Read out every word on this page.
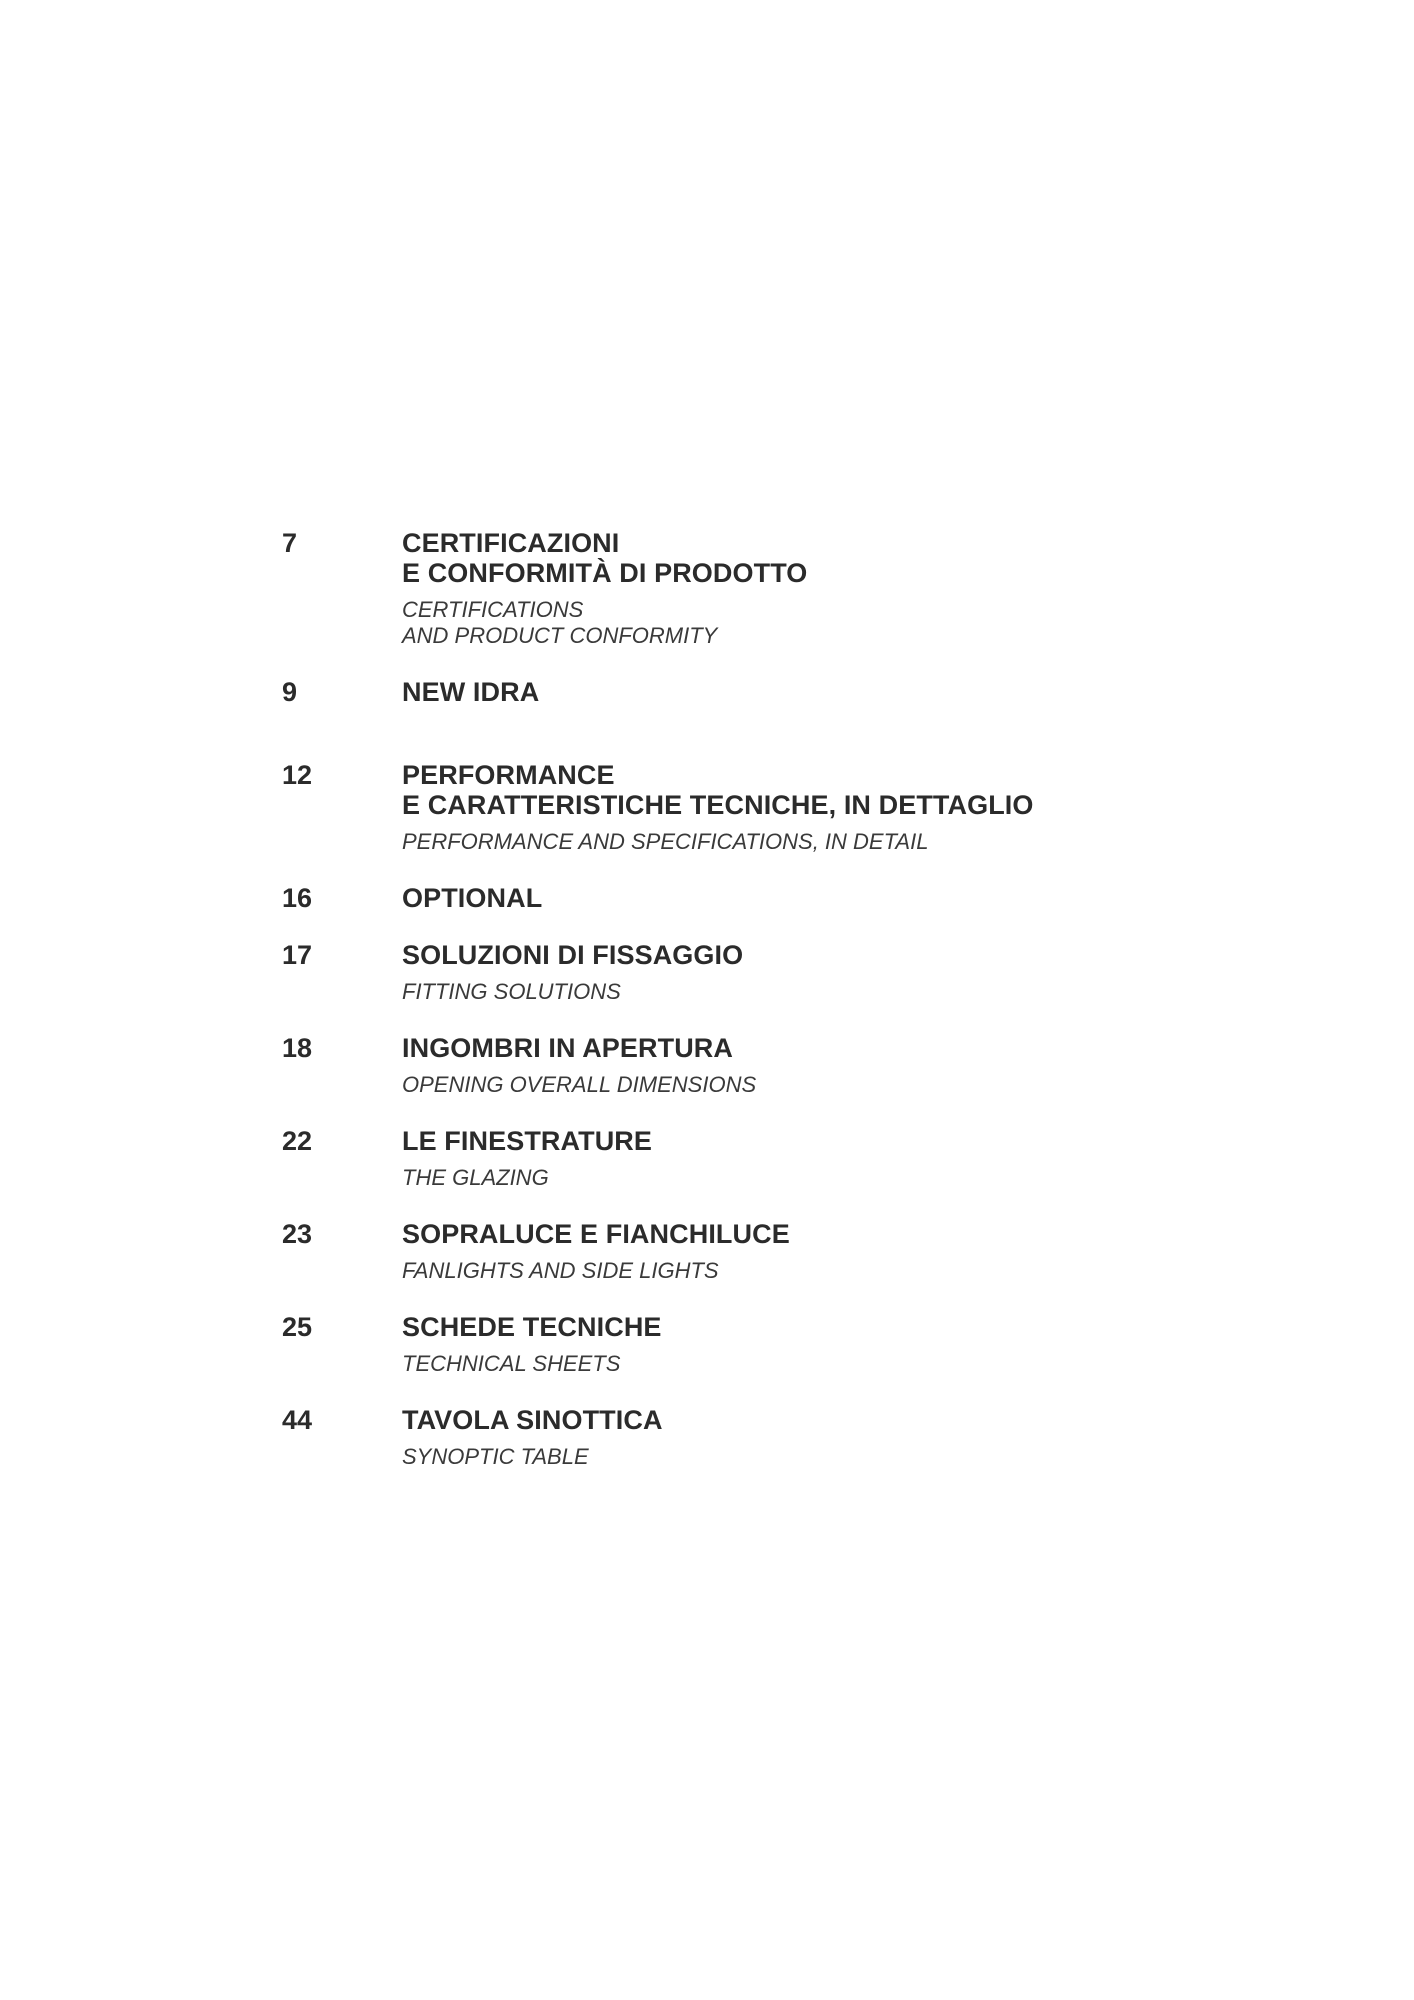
7	CERTIFICAZIONI
E CONFORMITÀ DI PRODOTTO
CERTIFICATIONS
AND PRODUCT CONFORMITY
9	NEW IDRA
12	PERFORMANCE
E CARATTERISTICHE TECNICHE, IN DETTAGLIO
PERFORMANCE AND SPECIFICATIONS, IN DETAIL
16	OPTIONAL
17	SOLUZIONI DI FISSAGGIO
FITTING SOLUTIONS
18	INGOMBRI IN APERTURA
OPENING OVERALL DIMENSIONS
22	LE FINESTRATURE
THE GLAZING
23	SOPRALUCE E FIANCHILUCE
FANLIGHTS AND SIDE LIGHTS
25	SCHEDE TECNICHE
TECHNICAL SHEETS
44	TAVOLA SINOTTICA
SYNOPTIC TABLE
